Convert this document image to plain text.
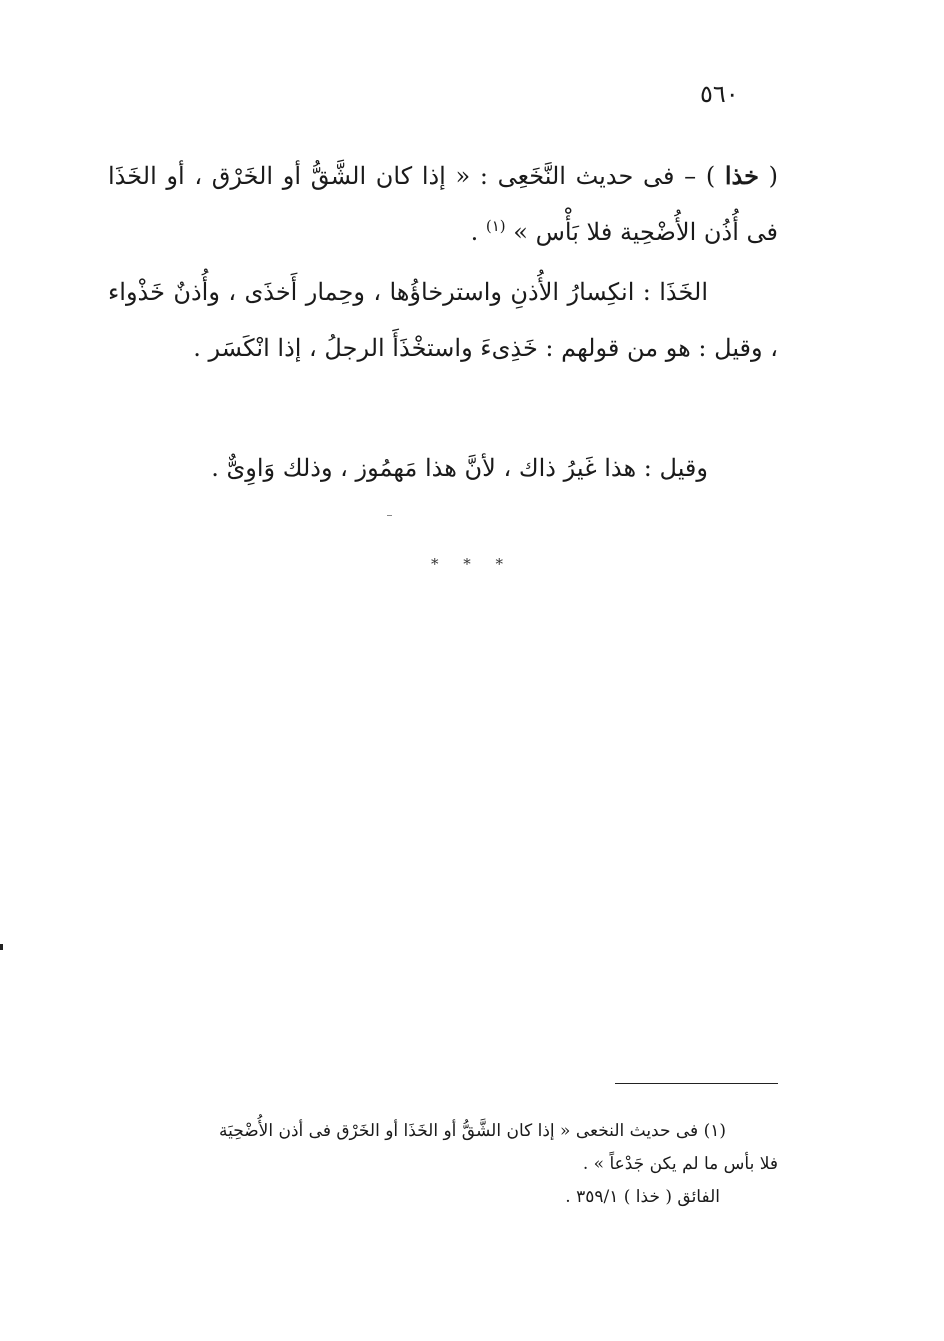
٥٦٠
( خذا ) – فى حديث النَّخَعِى : « إذا كان الشَّقُّ أو الخَرْق ، أو الخَذَا فى أُذُن الأُضْحِية فلا بَأْس » $^{(١)}$ .
الخَذَا : انكِسارُ الأُذنِ واسترخاؤُها ، وحِمار أَخذَى ، وأُذنٌ خَذْواء ، وقيل : هو من قولهم : خَذِىءَ واستخْذَأَ الرجلُ ، إذا انْكَسَر .
وقيل : هذا غَيرُ ذاك ، لأنَّ هذا مَهمُوز ، وذلك وَاوِىٌّ .
* * *
(١) فى حديث النخعى « إذا كان الشَّقُّ أو الخَذَا أو الخَرْق فى أذن الأُضْحِيَة
فلا بأس ما لم يكن جَدْعاً » .
الفائق ( خذا ) ٣٥٩/١ .
